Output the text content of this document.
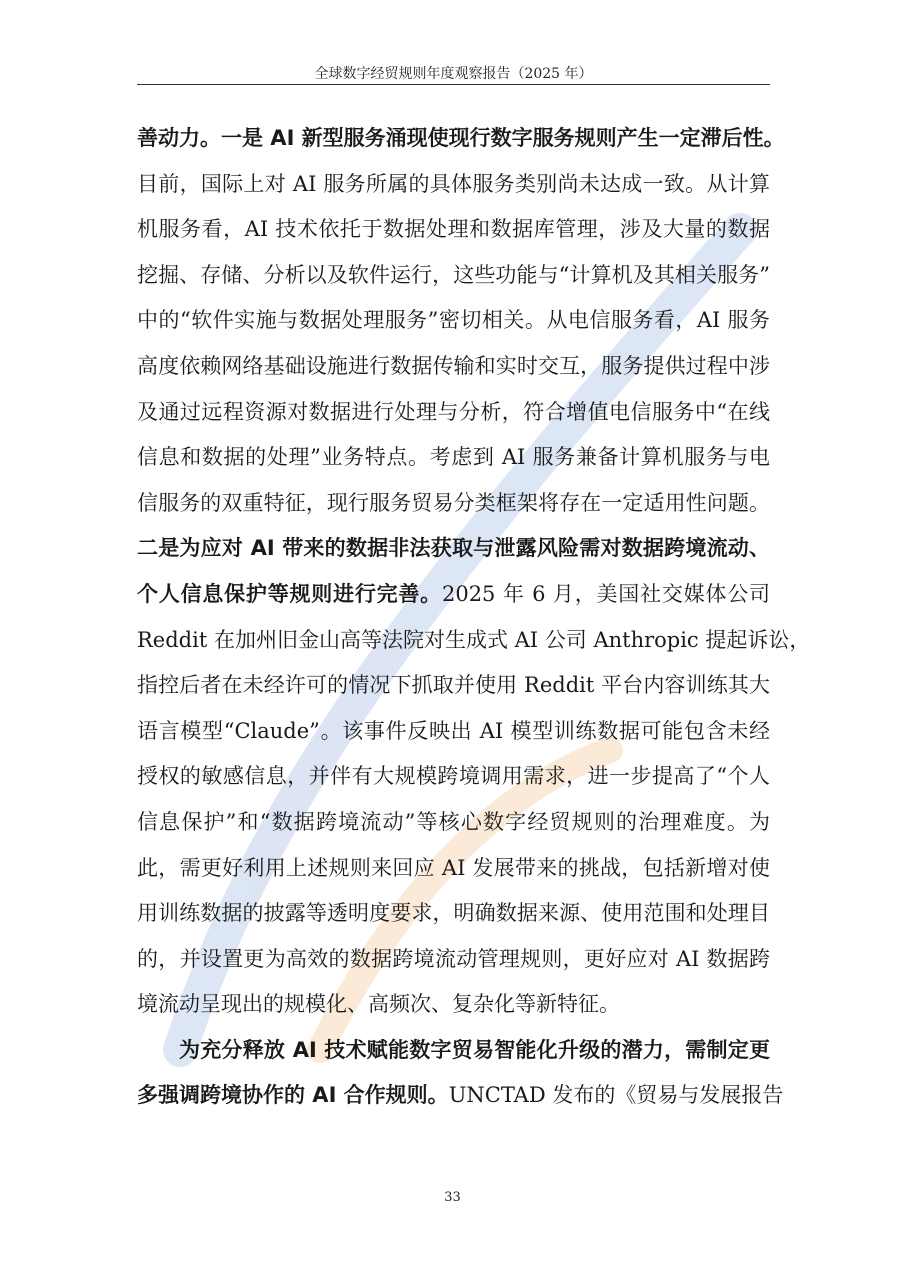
全球数字经贸规则年度观察报告（2025 年）
善动力。一是 AI 新型服务涌现使现行数字服务规则产生一定滞后性。
目前，国际上对 AI 服务所属的具体服务类别尚未达成一致。从计算
机服务看，AI 技术依托于数据处理和数据库管理，涉及大量的数据
挖掘、存储、分析以及软件运行，这些功能与“计算机及其相关服务”
中的“软件实施与数据处理服务”密切相关。从电信服务看，AI 服务
高度依赖网络基础设施进行数据传输和实时交互，服务提供过程中涉
及通过远程资源对数据进行处理与分析，符合增值电信服务中“在线
信息和数据的处理”业务特点。考虑到 AI 服务兼备计算机服务与电
信服务的双重特征，现行服务贸易分类框架将存在一定适用性问题。
二是为应对 AI 带来的数据非法获取与泄露风险需对数据跨境流动、
个人信息保护等规则进行完善。2025 年 6 月，美国社交媒体公司
Reddit 在加州旧金山高等法院对生成式 AI 公司 Anthropic 提起诉讼，
指控后者在未经许可的情况下抓取并使用 Reddit 平台内容训练其大
语言模型“Claude”。该事件反映出 AI 模型训练数据可能包含未经
授权的敏感信息，并伴有大规模跨境调用需求，进一步提高了“个人
信息保护”和“数据跨境流动”等核心数字经贸规则的治理难度。为
此，需更好利用上述规则来回应 AI 发展带来的挑战，包括新增对使
用训练数据的披露等透明度要求，明确数据来源、使用范围和处理目
的，并设置更为高效的数据跨境流动管理规则，更好应对 AI 数据跨
境流动呈现出的规模化、高频次、复杂化等新特征。
为充分释放 AI 技术赋能数字贸易智能化升级的潜力，需制定更
多强调跨境协作的 AI 合作规则。UNCTAD 发布的《贸易与发展报告
33
